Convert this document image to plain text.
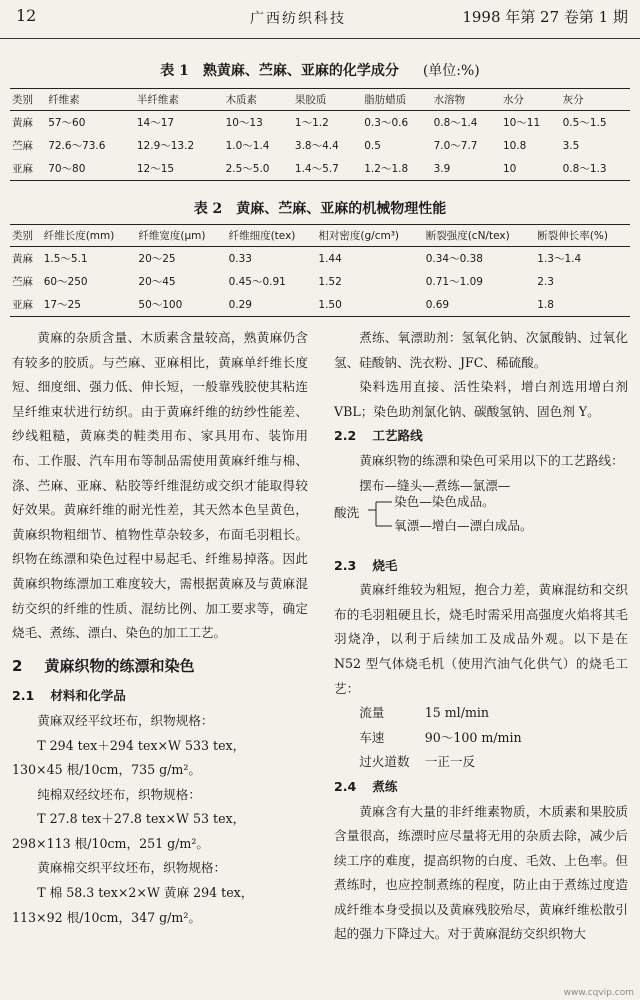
12	广西纺织科技	1998 年第 27 卷第 1 期
表 1　熟黄麻、苎麻、亚麻的化学成分 (单位:%)
类别	纤维素	半纤维素	木质素	果胶质	脂肪蜡质	水溶物	水分	灰分
黄麻	57～60	14～17	10～13	1～1.2	0.3～0.6	0.8～1.4	10～11	0.5～1.5
苎麻	72.6～73.6	12.9～13.2	1.0～1.4	3.8～4.4	0.5	7.0～7.7	10.8	3.5
亚麻	70～80	12～15	2.5～5.0	1.4～5.7	1.2～1.8	3.9	10	0.8～1.3
表 2　黄麻、苎麻、亚麻的机械物理性能
类别	纤维长度(mm)	纤维宽度(μm)	纤维细度(tex)	相对密度(g/cm³)	断裂强度(cN/tex)	断裂伸长率(%)
黄麻	1.5～5.1	20～25	0.33	1.44	0.34～0.38	1.3～1.4
苎麻	60～250	20～45	0.45～0.91	1.52	0.71～1.09	2.3
亚麻	17～25	50～100	0.29	1.50	0.69	1.8

黄麻的杂质含量、木质素含量较高，熟黄麻仍含有较多的胶质。与苎麻、亚麻相比，黄麻单纤维长度短、细度细、强力低、伸长短，一般靠残胶使其粘连呈纤维束状进行纺织。由于黄麻纤维的纺纱性能差、纱线粗糙，黄麻类的鞋类用布、家具用布、装饰用布、工作服、汽车用布等制品需使用黄麻纤维与棉、涤、苎麻、亚麻、粘胶等纤维混纺或交织才能取得较好效果。黄麻纤维的耐光性差，其天然本色呈黄色，黄麻织物粗细节、植物性草杂较多，布面毛羽粗长。织物在练漂和染色过程中易起毛、纤维易掉落。因此黄麻织物练漂加工难度较大，需根据黄麻及与黄麻混纺交织的纤维的性质、混纺比例、加工要求等，确定烧毛、煮练、漂白、染色的加工工艺。

2 黄麻织物的练漂和染色
2.1 材料和化学品

黄麻双经平纹坯布，织物规格：

T 294 tex＋294 tex×W 533 tex，

130×45 根/10cm，735 g/m²。

纯棉双经纹坯布，织物规格：

T 27.8 tex＋27.8 tex×W 53 tex，

298×113 根/10cm，251 g/m²。

黄麻棉交织平纹坯布，织物规格：

T 棉 58.3 tex×2×W 黄麻 294 tex，

113×92 根/10cm，347 g/m²。

煮练、氧漂助剂：氢氧化钠、次氯酸钠、过氧化氢、硅酸钠、洗衣粉、JFC、稀硫酸。

染料选用直接、活性染料，增白剂选用增白剂 VBL；染色助剂氯化钠、碳酸氢钠、固色剂 Y。

2.2 工艺路线

黄麻织物的练漂和染色可采用以下的工艺路线：

摆布—缝头—煮练—氯漂—
酸洗
染色—染色成品。
氧漂—增白—漂白成品。
2.3 烧毛

黄麻纤维较为粗短，抱合力差，黄麻混纺和交织布的毛羽粗硬且长，烧毛时需采用高强度火焰将其毛羽烧净，以利于后续加工及成品外观。以下是在 N52 型气体烧毛机（使用汽油气化供气）的烧毛工艺：

流量	15 ml/min
车速	90～100 m/min
过火道数	一正一反
2.4 煮练

黄麻含有大量的非纤维素物质，木质素和果胶质含量很高，练漂时应尽量将无用的杂质去除，减少后续工序的难度，提高织物的白度、毛效、上色率。但煮练时，也应控制煮练的程度，防止由于煮练过度造成纤维本身受损以及黄麻残胶殆尽，黄麻纤维松散引起的强力下降过大。对于黄麻混纺交织织物大

www.cqvip.com
